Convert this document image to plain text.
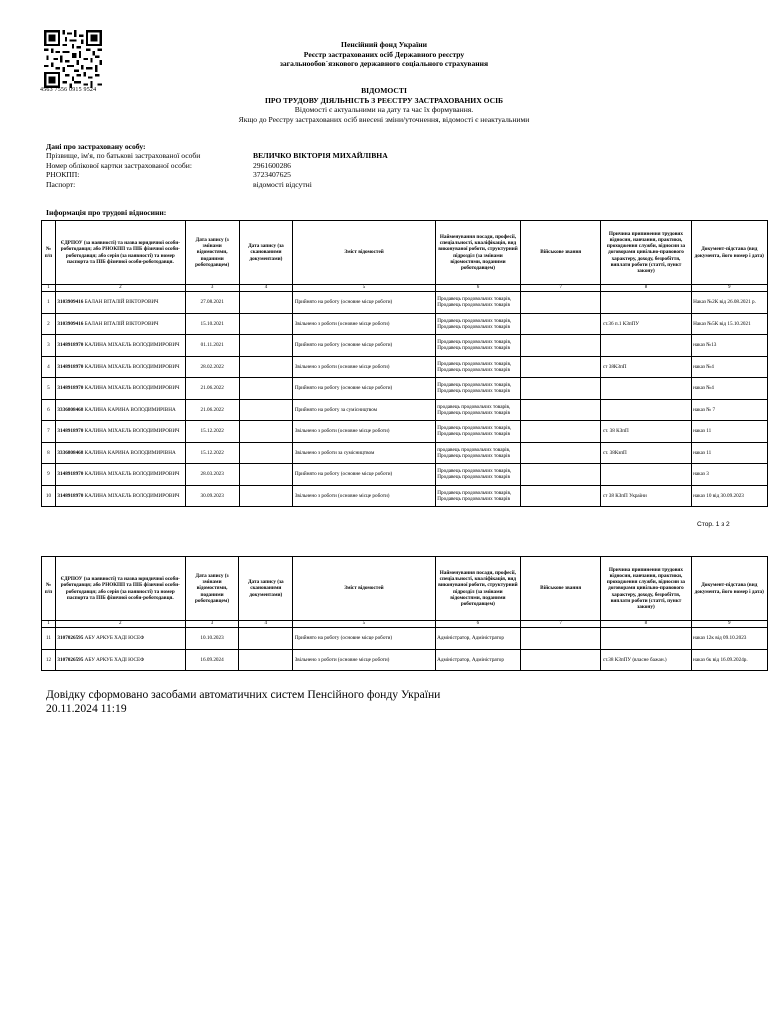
4563 7556 0915 9524
Пенсійний фонд України
Реєстр застрахованих осіб Державного реєстру
загальнообов`язкового державного соціального страхування
ВІДОМОСТІ
ПРО ТРУДОВУ ДІЯЛЬНІСТЬ З РЕЄСТРУ ЗАСТРАХОВАНИХ ОСІБ
Відомості є актуальними на дату та час їх формування.
Якщо до Реєстру застрахованих осіб внесені зміни/уточнення, відомості є неактуальними
Дані про застраховану особу:
Прізвище, ім'я, по батькові застрахованої особи	ВЕЛИЧКО ВІКТОРІЯ МИХАЙЛІВНА
Номер облікової картки застрахованої особи:	2961600286
РНОКПП:	3723407625
Паспорт:	відомості відсутні
Інформація про трудові відносини:
№ п/п	ЄДРПОУ (за наявності) та назва юридичної особи-роботодавця; або РНОКПП та ПІБ фізичної особи-роботодавця; або серія (за наявності) та номер паспорта та ПІБ фізичної особи-роботодавця.	Дата запису (з змінами відомостями, поданими роботодавцем)	Дата запису (за сканованими документами)	Зміст відомостей	Найменування посади, професії, спеціальності, кваліфікація, вид виконуваної роботи, структурний підрозділ (за змінами відомостями, поданими роботодавцем)	Військове звання	Причина припинення трудових відносин, навчання, практики, проходження служби, відносин за договорами цивільно-правового характеру, доходу, безробіття, виплати роботи (статті, пункт закону)	Документ-підстава (вид документа, його номер і дата)
1	2	3	4	5	6	7	8	9
1	3103909416 БАЛАН ВІТАЛІЙ ВІКТОРОВИЧ	27.08.2021		Прийнято на роботу (основне місце роботи)	Продавець продовольчих товарів, Продавець продовольчих товарів			Наказ №2К від 26.08.2021 р.
2	3103909416 БАЛАН ВІТАЛІЙ ВІКТОРОВИЧ	15.10.2021		Звільнено з роботи (основне місце роботи)	Продавець продовольчих товарів, Продавець продовольчих товарів		ст.36 п.1 КЗпПУ	Наказ №5К від 15.10.2021
3	3148918970 КАЛИНА МІХАЕЛЬ ВОЛОДИМИРОВИЧ	01.11.2021		Прийнято на роботу (основне місце роботи)	Продавець продовольчих товарів, Продавець продовольчих товарів			наказ №13
4	3148918970 КАЛИНА МІХАЕЛЬ ВОЛОДИМИРОВИЧ	28.02.2022		Звільнено з роботи (основне місце роботи)	Продавець продовольчих товарів, Продавець продовольчих товарів		ст 38КЗпП	наказ №4
5	3148918970 КАЛИНА МІХАЕЛЬ ВОЛОДИМИРОВИЧ	21.06.2022		Прийнято на роботу (основне місце роботи)	Продавець продовольчих товарів, Продавець продовольчих товарів			наказ №4
6	3336808468 КАЛИНА КАРИНА ВОЛОДИМИРІВНА	21.06.2022		Прийнято на роботу за сумісництвом	продавець продовольчих товарів, Продавець продовольчих товарів			наказ № 7
7	3148918970 КАЛИНА МІХАЕЛЬ ВОЛОДИМИРОВИЧ	15.12.2022		Звільнено з роботи (основне місце роботи)	Продавець продовольчих товарів, Продавець продовольчих товарів		ст. 38 КЗпП	наказ 11
8	3336808468 КАЛИНА КАРИНА ВОЛОДИМИРІВНА	15.12.2022		Звільнено з роботи за сумісництвом	продавець продовольчих товарів, Продавець продовольчих товарів		ст. 38КзпП	наказ 11
9	3148918970 КАЛИНА МІХАЕЛЬ ВОЛОДИМИРОВИЧ	28.03.2023		Прийнято на роботу (основне місце роботи)	Продавець продовольчих товарів, Продавець продовольчих товарів			наказ 3
10	3148918970 КАЛИНА МІХАЕЛЬ ВОЛОДИМИРОВИЧ	30.09.2023		Звільнено з роботи (основне місце роботи)	Продавець продовольчих товарів, Продавець продовольчих товарів		ст 38 КЗпП України	наказ 10 від 30.09.2023
Стор. 1 з 2
№ п/п	ЄДРПОУ (за наявності) та назва юридичної особи-роботодавця; або РНОКПП та ПІБ фізичної особи-роботодавця; або серія (за наявності) та номер паспорта та ПІБ фізичної особи-роботодавця.	Дата запису (з змінами відомостями, поданими роботодавцем)	Дата запису (за сканованими документами)	Зміст відомостей	Найменування посади, професії, спеціальності, кваліфікація, вид виконуваної роботи, структурний підрозділ (за змінами відомостями, поданими роботодавцем)	Військове звання	Причина припинення трудових відносин, навчання, практики, проходження служби, відносин за договорами цивільно-правового характеру, доходу, безробіття, виплати роботи (статті, пункт закону)	Документ-підстава (вид документа, його номер і дата)
1	2	3	4	5	6	7	8	9
11	3107026595 АБУ АРКУБ ХАДІ ЮСЕФ	10.10.2023		Прийнято на роботу (основне місце роботи)	Адміністратор, Адміністратор			наказ 12к від 09.10.2023
12	3107026595 АБУ АРКУБ ХАДІ ЮСЕФ	16.09.2024		Звільнено з роботи (основне місце роботи)	Адміністратор, Адміністратор		ст.38 КЗпПУ (власне бажан.)	наказ 6к від 16.09.2024р.
Довідку сформовано засобами автоматичних систем Пенсійного фонду України
20.11.2024 11:19
